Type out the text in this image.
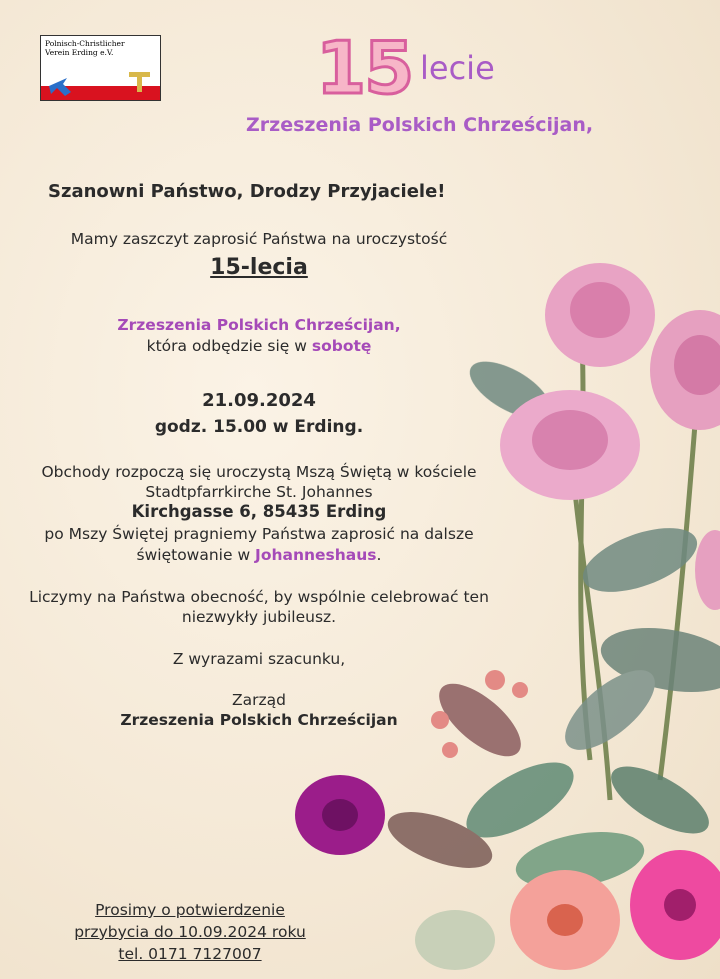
Polnisch-Christlicher
Verein Erding e.V.	15 lecie
Zrzeszenia Polskich Chrześcijan,
Szanowni Państwo, Drodzy Przyjaciele!
Mamy zaszczyt zaprosić Państwa na uroczystość
15-lecia
Zrzeszenia Polskich Chrześcijan,
która odbędzie się w sobotę
21.09.2024
godz. 15.00 w Erding.
Obchody rozpoczą się uroczystą Mszą Świętą w kościele
Stadtpfarrkirche St. Johannes
Kirchgasse 6, 85435 Erding
po Mszy Świętej pragniemy Państwa zaprosić na dalsze
świętowanie w Johanneshaus.
Liczymy na Państwa obecność, by wspólnie celebrować ten
niezwykły jubileusz.
Z wyrazami szacunku,
Zarząd
Zrzeszenia Polskich Chrześcijan
Prosimy o potwierdzenie
przybycia do 10.09.2024 roku
tel. 0171 7127007
